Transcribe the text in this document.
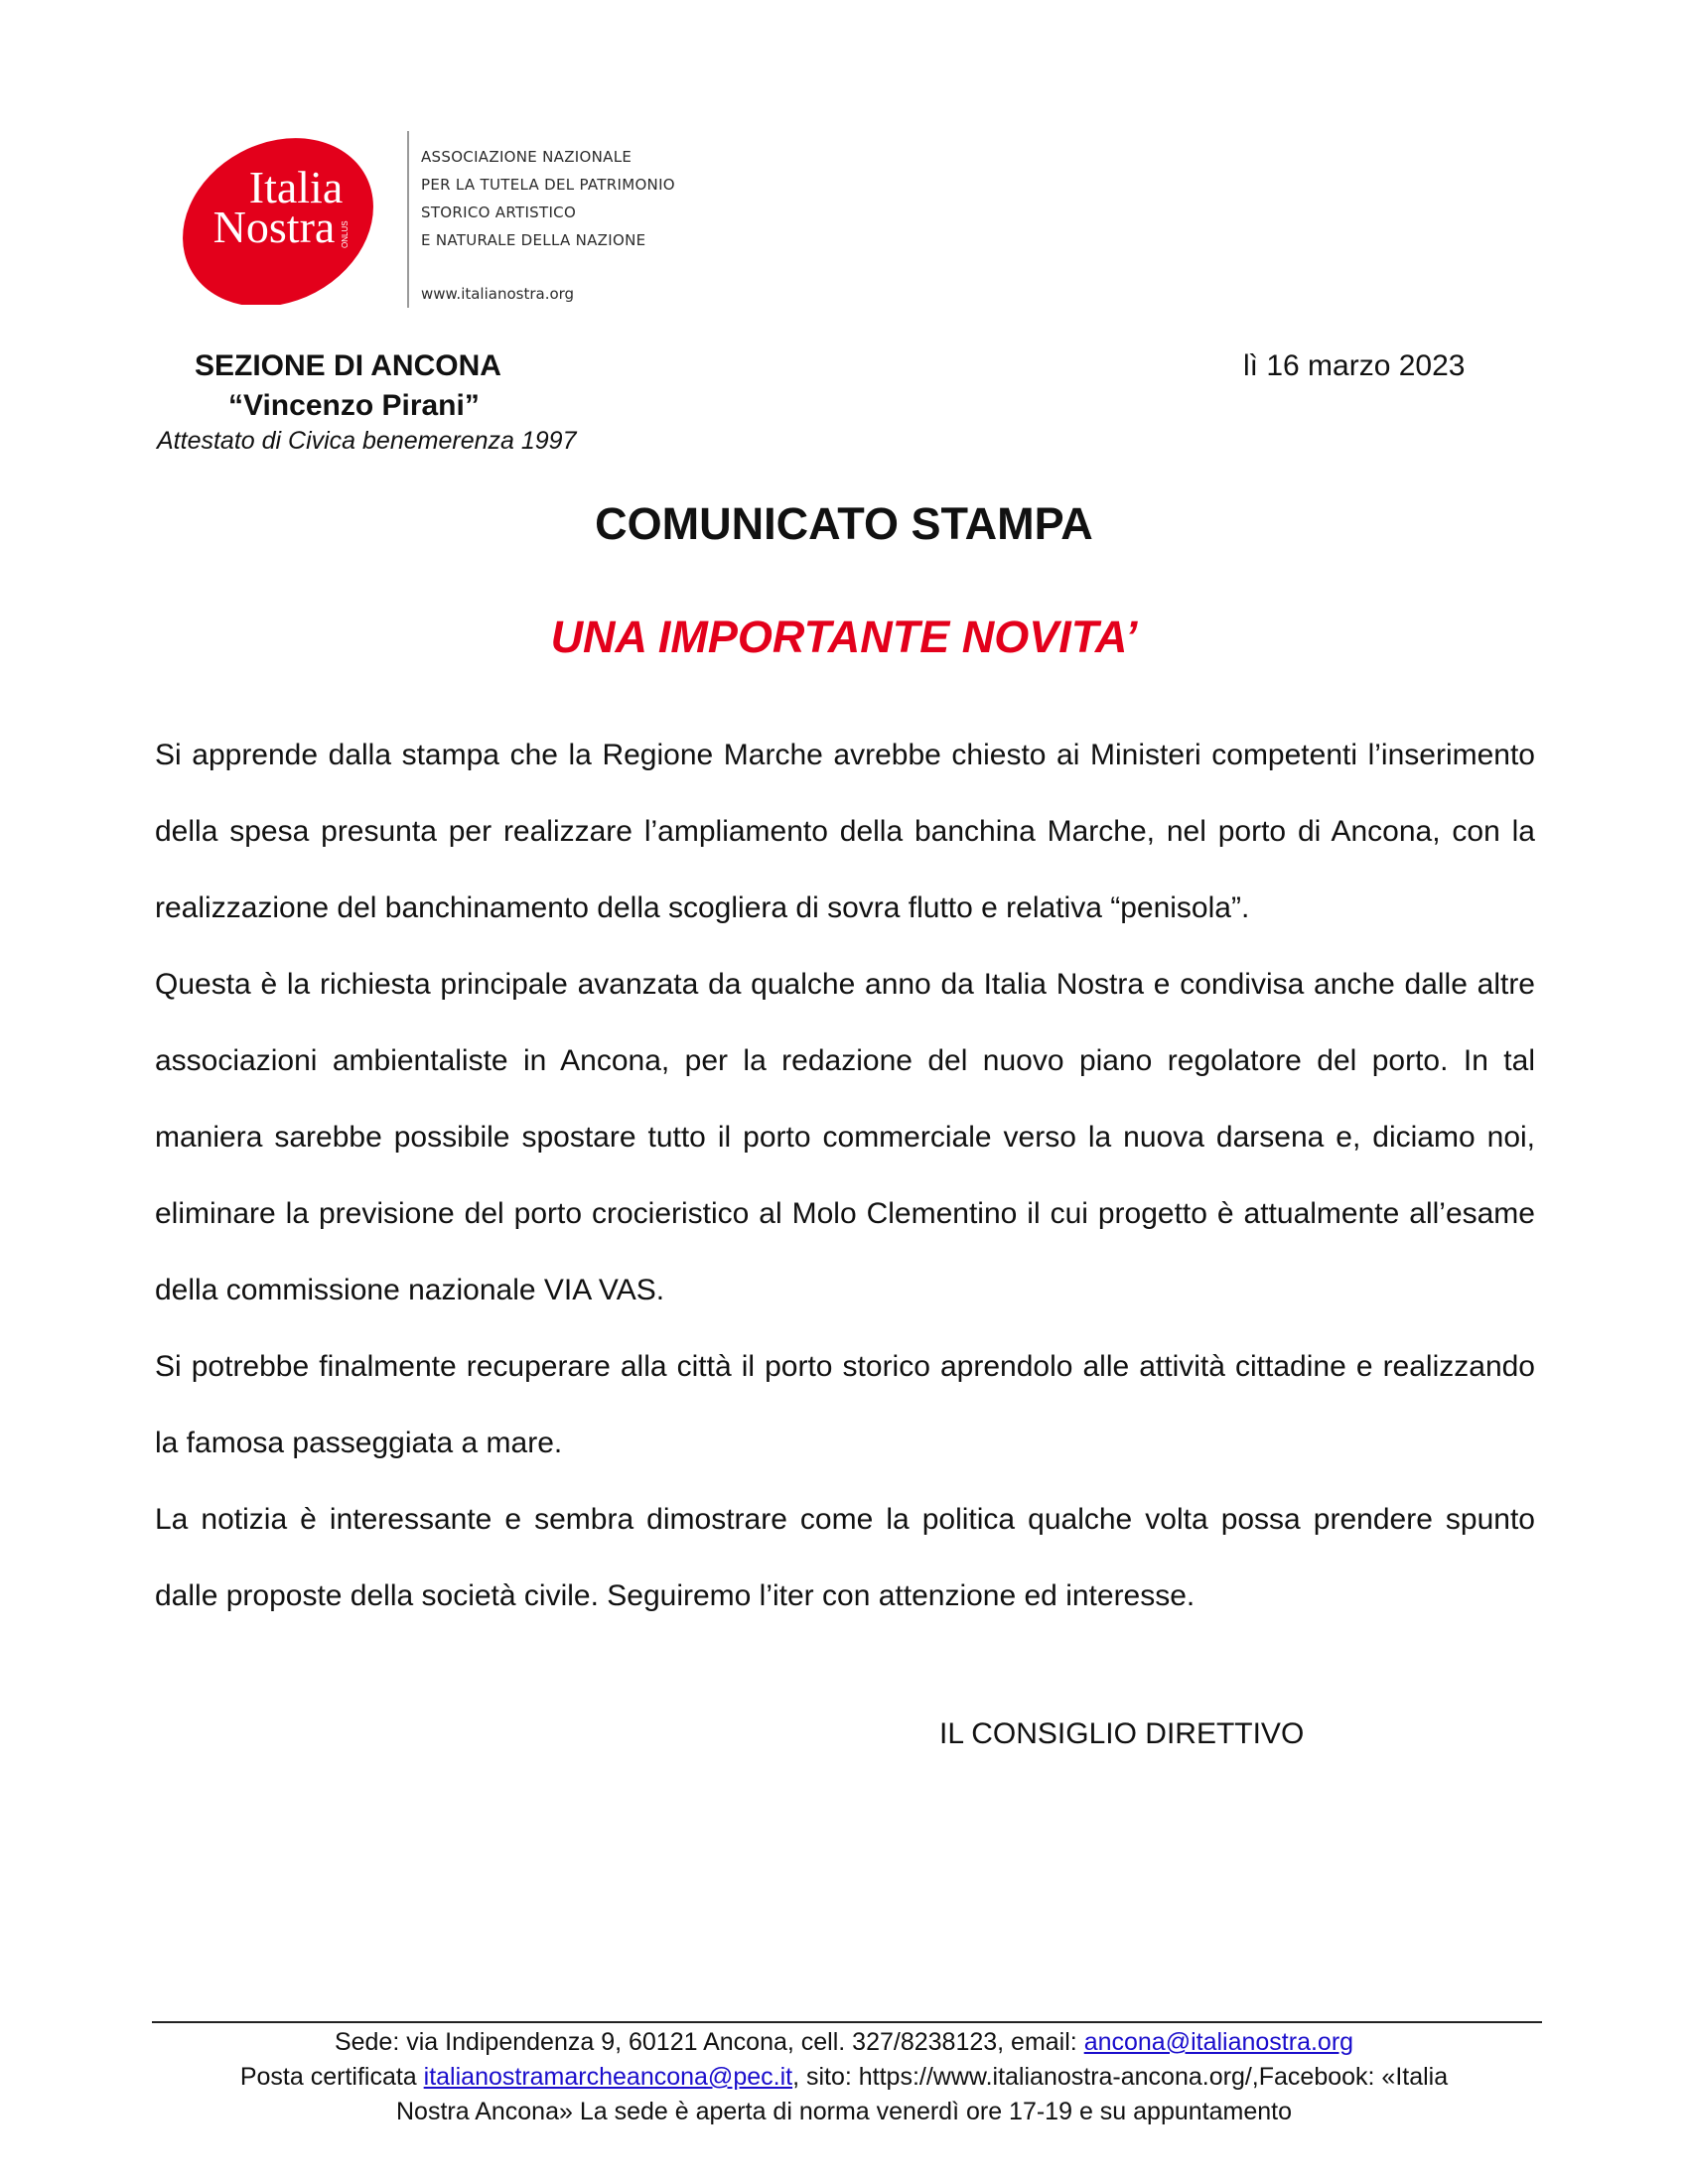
Italia
Nostra ONLUS
ASSOCIAZIONE NAZIONALE
PER LA TUTELA DEL PATRIMONIO
STORICO ARTISTICO
E NATURALE DELLA NAZIONE
www.italianostra.org
SEZIONE DI ANCONA
“Vincenzo Pirani”
Attestato di Civica benemerenza 1997
lì 16 marzo 2023
COMUNICATO STAMPA
UNA IMPORTANTE NOVITA’

Si apprende dalla stampa che la Regione Marche avrebbe chiesto ai Ministeri competenti l’inserimento della spesa presunta per realizzare l’ampliamento della banchina Marche, nel porto di Ancona, con la realizzazione del banchinamento della scogliera di sovra flutto e relativa “penisola”.

Questa è la richiesta principale avanzata da qualche anno da Italia Nostra e condivisa anche dalle altre associazioni ambientaliste in Ancona, per la redazione del nuovo piano regolatore del porto. In tal maniera sarebbe possibile spostare tutto il porto commerciale verso la nuova darsena e, diciamo noi, eliminare la previsione del porto crocieristico al Molo Clementino il cui progetto è attualmente all’esame della commissione nazionale VIA VAS.

Si potrebbe finalmente recuperare alla città il porto storico aprendolo alle attività cittadine e realizzando la famosa passeggiata a mare.

La notizia è interessante e sembra dimostrare come la politica qualche volta possa prendere spunto dalle proposte della società civile. Seguiremo l’iter con attenzione ed interesse.

IL CONSIGLIO DIRETTIVO
Sede: via Indipendenza 9, 60121 Ancona, cell. 327/8238123, email: ancona@italianostra.org
Posta certificata italianostramarcheancona@pec.it, sito: https://www.italianostra-ancona.org/,Facebook: «Italia
Nostra Ancona» La sede è aperta di norma venerdì ore 17-19 e su appuntamento
